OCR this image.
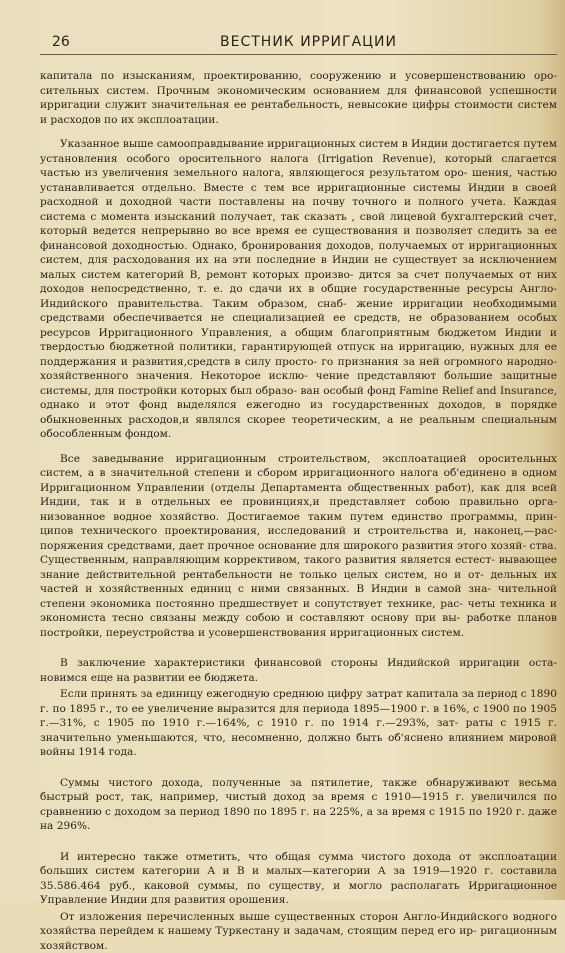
26	ВЕСТНИК ИРРИГАЦИИ

капитала по изысканиям, проектированию, сооружению и усовершенствованию оро- сительных систем. Прочным экономическим основанием для финансовой успешности ирригации служит значительная ее рентабельность, невысокие цифры стоимости систем и расходов по их эксплоатации.

Указанное выше самоопрaвдывание ирригационных систем в Индии достигается путем установления особого оросительного налога (Irrigation Revenue), который слагается частью из увеличения земельного налога, являющегося результатом оро- шения, частью устанавливается отдельно. Вместе с тем все ирригационные системы Индии в своей расходной и доходной части поставлены на почву точного и полного учета. Каждая система с момента изысканий получает, так сказать , свой лицевой бухгалтерский счет, который ведется непрерывно во все время ее существования и позволяет следить за ее финансовой доходностью. Однако, бронирования доходов, получаемых от ирригационных систем, для расходования их на эти последние в Индии не существует за исключением малых систем категорий В, ремонт которых произво- дится за счет получаемых от них доходов непосредственно, т. е. до сдачи их в общие государственные ресурсы Англо-Индийского правительства. Таким образом, снаб- жение ирригации необходимыми средствами обеспечивается не специализацией ее средств, не образованием особых ресурсов Ирригационного Управления, а общим благоприятным бюджетом Индии и твердостью бюджетной политики, гарантирующей отпуск на ирригацию, нужных для ее поддержания и развития,средств в силу просто- го признания за ней огромного народно-хозяйственного значения. Некоторое исклю- чение представляют большие защитные системы, для постройки которых был образо- ван особый фонд Famine Relief and Insurance, однако и этот фонд выделялся ежегодно из государственных доходов, в порядке обыкновенных расходов,и являлся скорее теоретическим, а не реальным специальным обособленным фондом.

Все заведывание ирригационным строительством, эксплоатацией оросительных систем, а в значительной степени и сбором ирригационного налога об'единено в одном Ирригационном Управлении (отделы Департамента общественных работ), как для всей Индии, так и в отдельных ее провинциях,и представляет собою правильно орга- низованное водное хозяйство. Достигаемое таким путем единство программы, прин- ципов технического проектирования, исследований и строительства и, наконец,—рас- поряжения средствами, дает прочное основание для широкого развития этого хозяй- ства. Существенным, направляющим коррективом, такого развития является естест- вывающее знание действительной рентабельности не только целых систем, но и от- дельных их частей и хозяйственных единиц с ними связанных. В Индии в самой зна- чительной степени экономика постоянно предшествует и сопутствует технике, рас- четы техника и экономиста тесно связаны между собою и составляют основу при вы- работке планов постройки, переустройства и усовершенствования ирригационных систем.

В заключение характеристики финансовой стороны Индийской ирригации оста- новимся еще на развитии ее бюджета.

Если принять за единицу ежегодную среднюю цифру затрат капитала за период с 1890 г. по 1895 г., то ее увеличение выразится для периода 1895—1900 г. в 16%, с 1900 по 1905 г.—31%, с 1905 по 1910 г.—164%, с 1910 г. по 1914 г.—293%, зат- раты с 1915 г. значительно уменьшаются, что, несомненно, должно быть об'яснено влиянием мировой войны 1914 года.

Суммы чистого дохода, полученные за пятилетие, также обнаруживают весьма быстрый рост, так, например, чистый доход за время с 1910—1915 г. увеличился по сравнению с доходом за период 1890 по 1895 г. на 225%, а за время с 1915 по 1920 г. даже на 296%.

И интересно также отметить, что общая сумма чистого дохода от эксплоатации больших систем категории А и В и малых—категории А за 1919—1920 г. составила 35.586.464 руб., каковой суммы, по существу, и могло располагать Ирригационное Управление Индии для развития орошения.

От изложения перечисленных выше существенных сторон Англо-Индийского водного хозяйства перейдем к нашему Туркестану и задачам, стоящим перед его ир- ригационным хозяйством.
